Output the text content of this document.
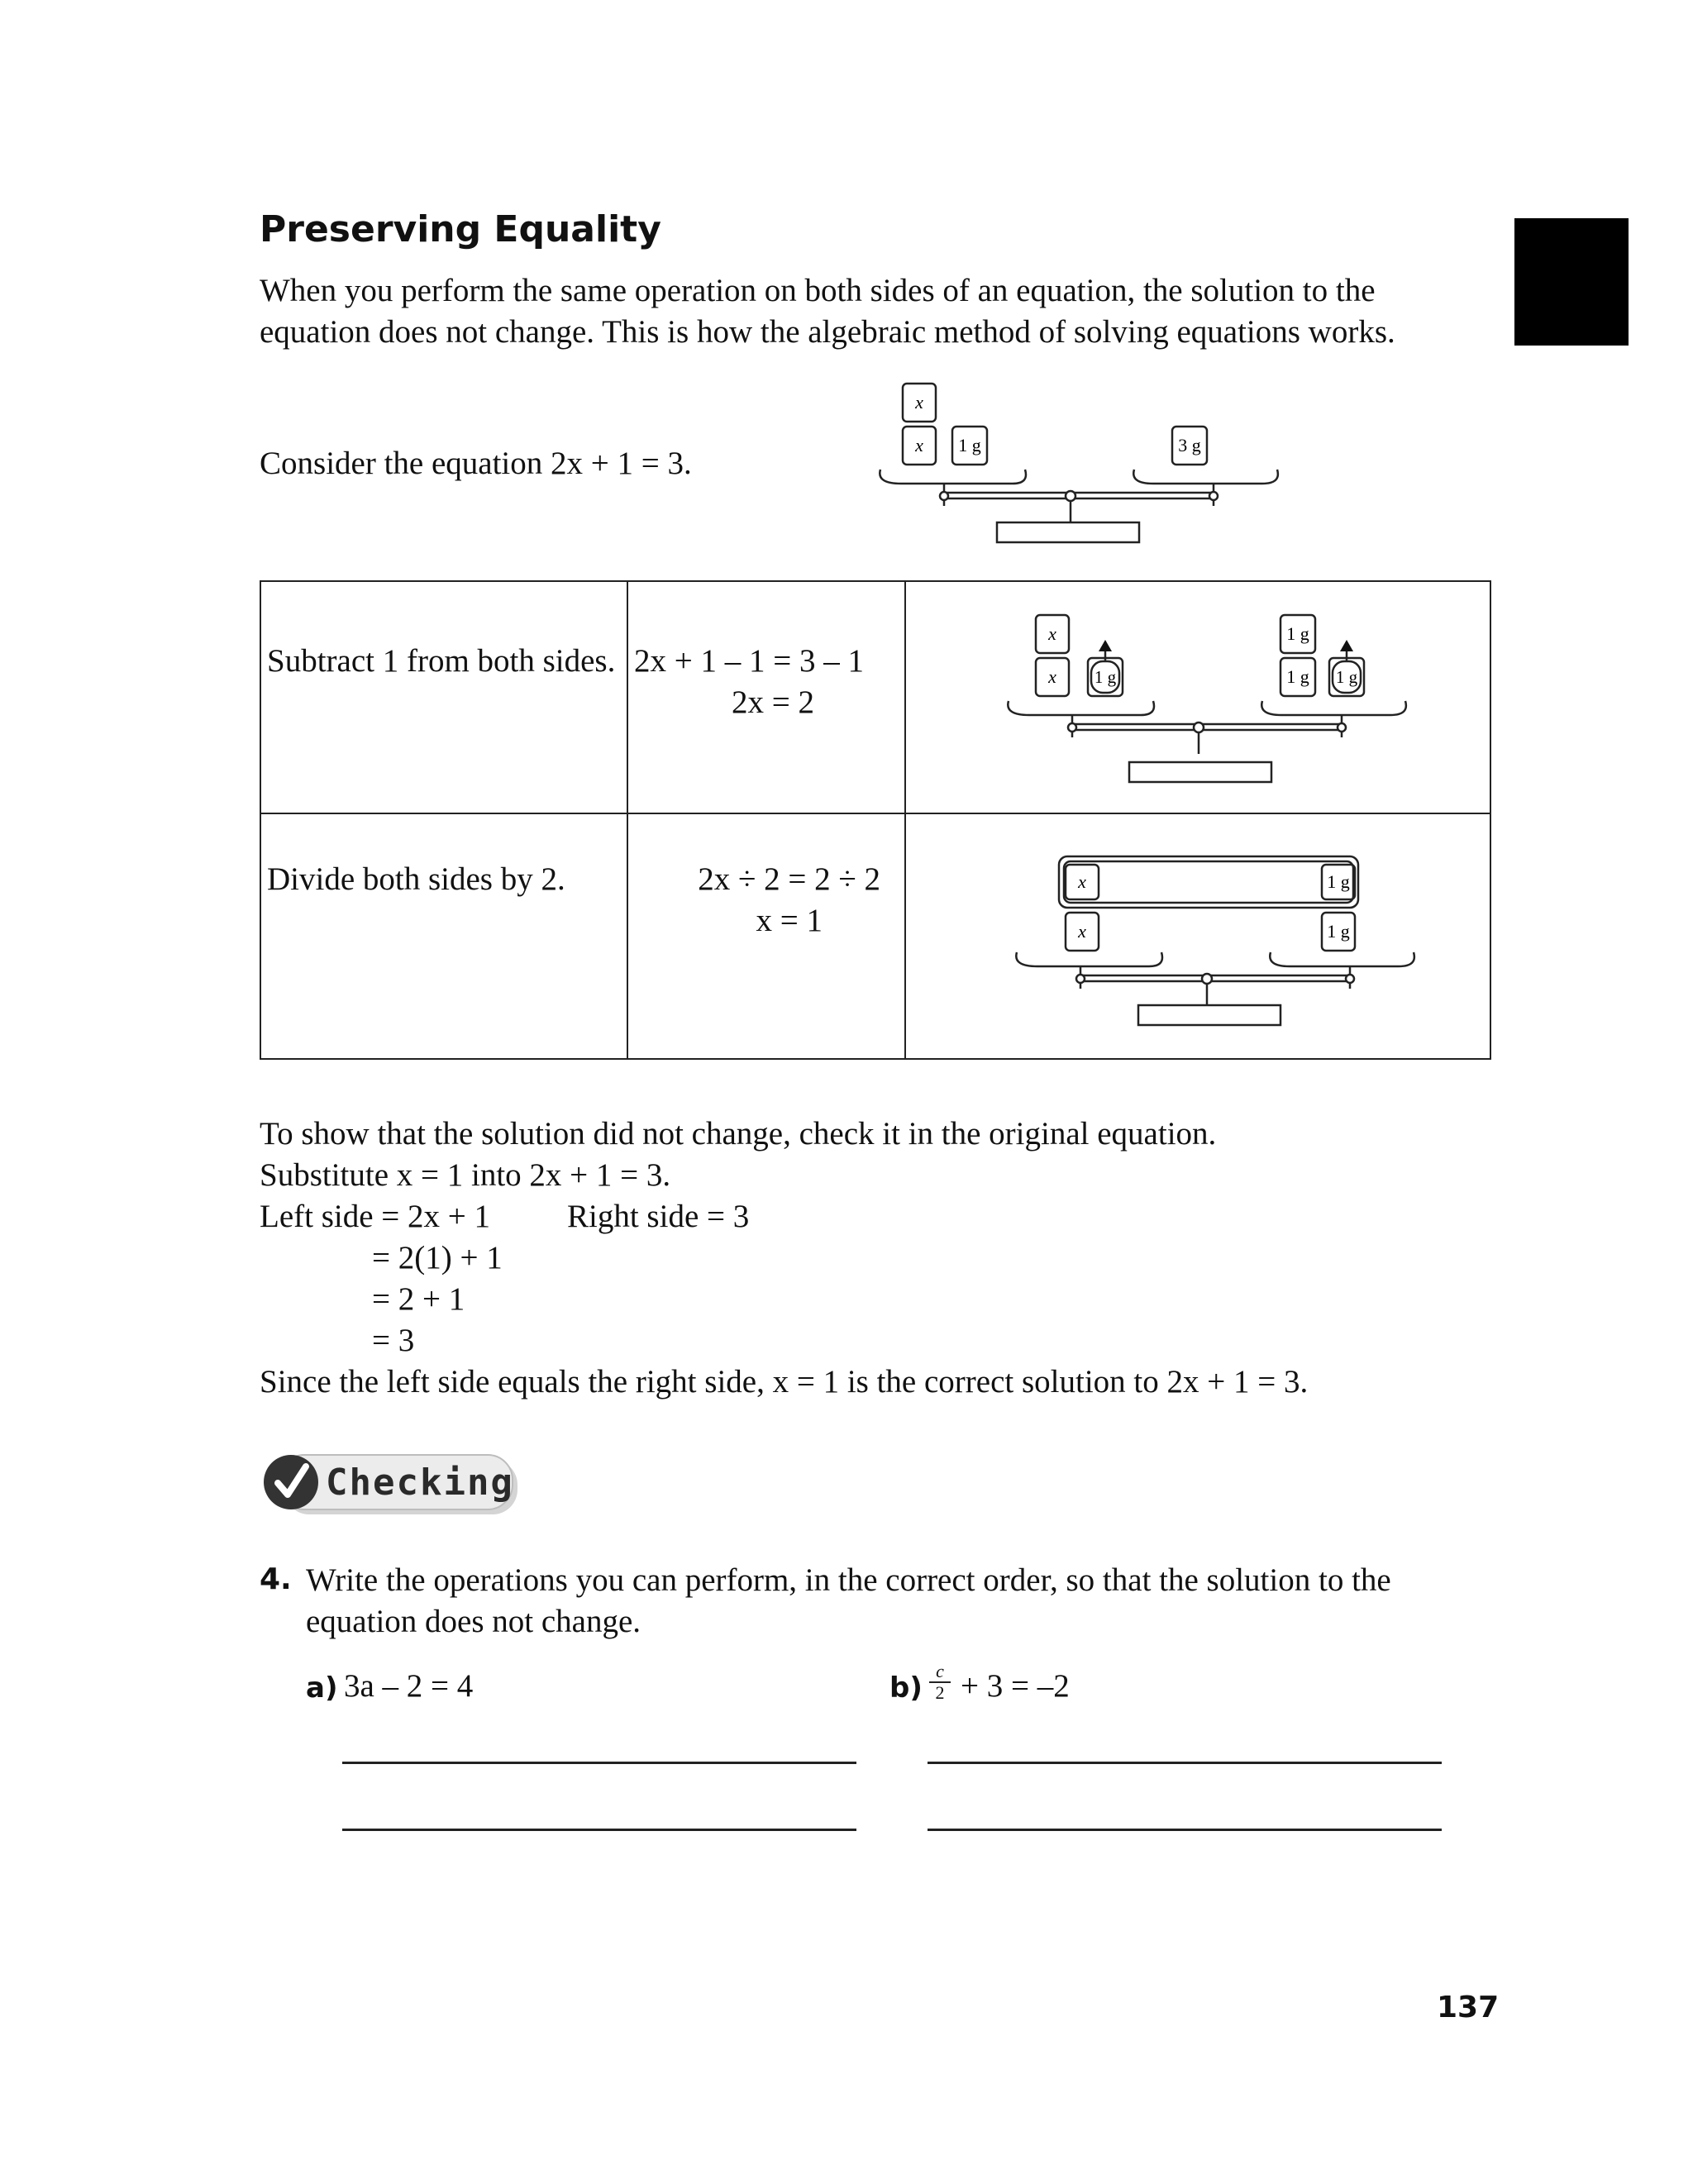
Preserving Equality
When you perform the same operation on both sides of an equation, the solution to the equation does not change. This is how the algebraic method of solving equations works.
Consider the equation 2x + 1 = 3.
x
x 1 g	3 g
Subtract 1 from both sides. 2x + 1 – 1 = 3 – 1
2x = 2
x
x 1 g
1 g
1 g 1 g
Divide both sides by 2.	2x ÷ 2 = 2 ÷ 2
x = 1
x	1 g
x	1 g
To show that the solution did not change, check it in the original equation.
Substitute x = 1 into 2x + 1 = 3.
Left side = 2x + 1 Right side = 3
= 2(1) + 1
= 2 + 1
= 3
Since the left side equals the right side, x = 1 is the correct solution to 2x + 1 = 3.
Checking
4. Write the operations you can perform, in the correct order, so that the solution to the
equation does not change.
a) 3a – 2 = 4	b)
c
2 + 3 = –2
137
